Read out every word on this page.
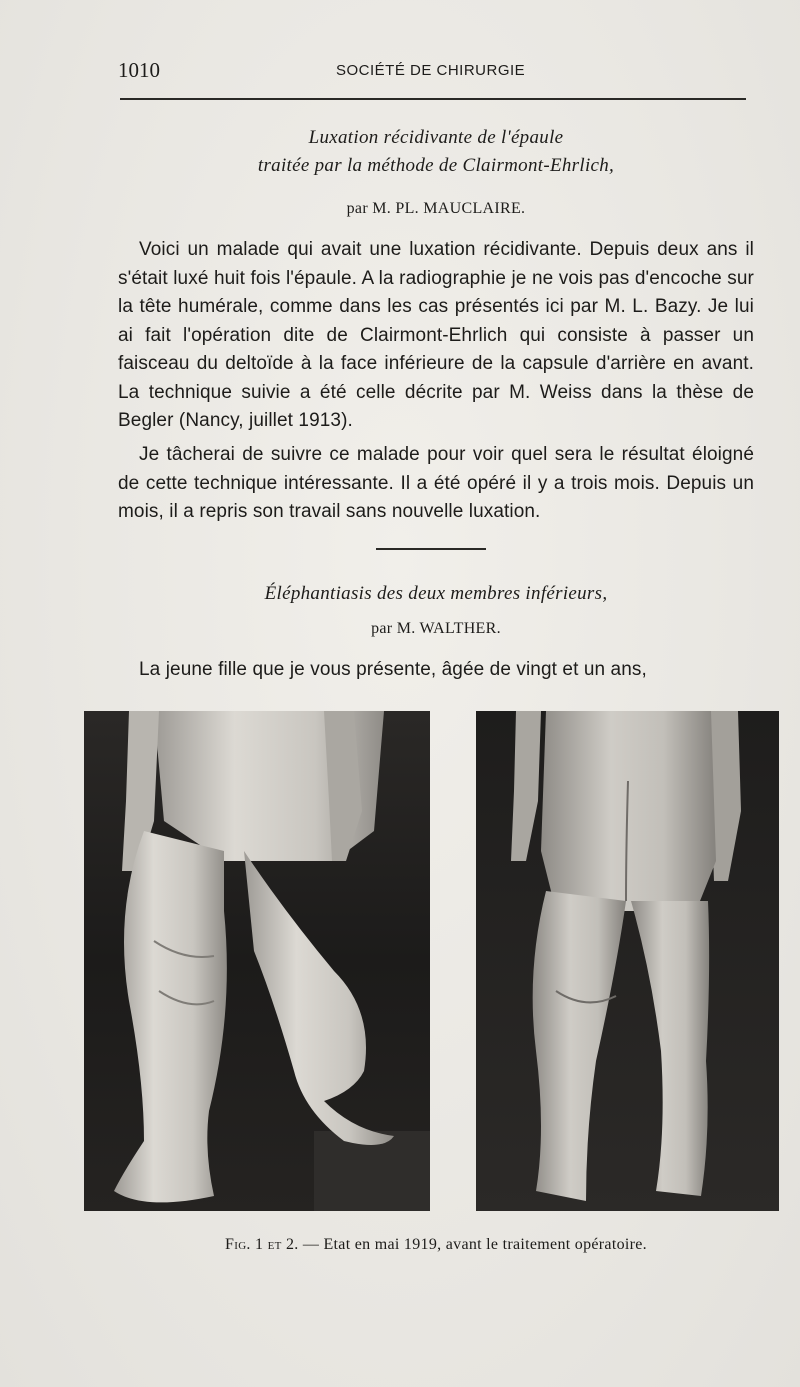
1010	SOCIÉTÉ DE CHIRURGIE
Luxation récidivante de l'épaule
traitée par la méthode de Clairmont-Ehrlich,
par M. PL. MAUCLAIRE.

Voici un malade qui avait une luxation récidivante. Depuis deux ans il s'était luxé huit fois l'épaule. A la radiographie je ne vois pas d'encoche sur la tête humérale, comme dans les cas présentés ici par M. L. Bazy. Je lui ai fait l'opération dite de Clairmont-Ehrlich qui consiste à passer un faisceau du deltoïde à la face inférieure de la capsule d'arrière en avant. La technique suivie a été celle décrite par M. Weiss dans la thèse de Begler (Nancy, juillet 1913).

Je tâcherai de suivre ce malade pour voir quel sera le résultat éloigné de cette technique intéressante. Il a été opéré il y a trois mois. Depuis un mois, il a repris son travail sans nouvelle luxation.

Éléphantiasis des deux membres inférieurs,
par M. WALTHER.

La jeune fille que je vous présente, âgée de vingt et un ans,

Fig. 1 et 2. — Etat en mai 1919, avant le traitement opératoire.
